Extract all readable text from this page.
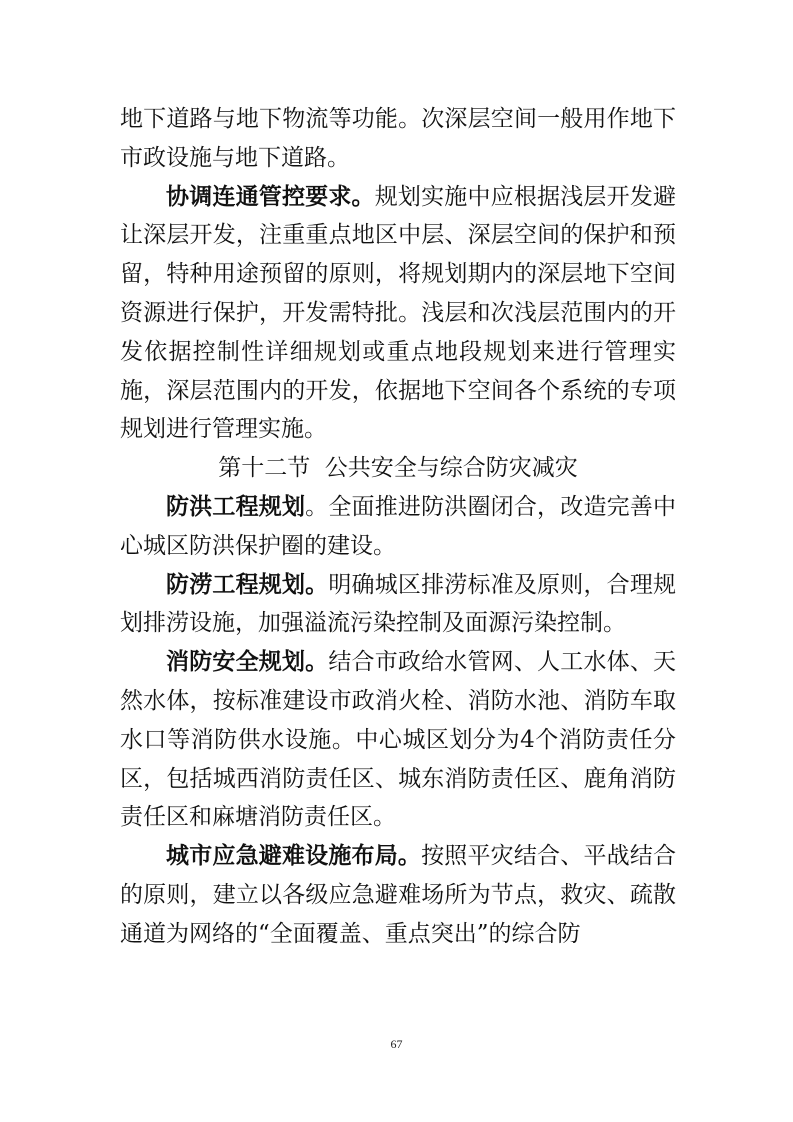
地下道路与地下物流等功能。次深层空间一般用作地下市政设施与地下道路。

协调连通管控要求。规划实施中应根据浅层开发避让深层开发，注重重点地区中层、深层空间的保护和预留，特种用途预留的原则，将规划期内的深层地下空间资源进行保护，开发需特批。浅层和次浅层范围内的开发依据控制性详细规划或重点地段规划来进行管理实施，深层范围内的开发，依据地下空间各个系统的专项规划进行管理实施。

第十二节  公共安全与综合防灾减灾

防洪工程规划。全面推进防洪圈闭合，改造完善中心城区防洪保护圈的建设。

防涝工程规划。明确城区排涝标准及原则，合理规划排涝设施，加强溢流污染控制及面源污染控制。

消防安全规划。结合市政给水管网、人工水体、天然水体，按标准建设市政消火栓、消防水池、消防车取水口等消防供水设施。中心城区划分为4个消防责任分区，包括城西消防责任区、城东消防责任区、鹿角消防责任区和麻塘消防责任区。

城市应急避难设施布局。按照平灾结合、平战结合的原则，建立以各级应急避难场所为节点，救灾、疏散通道为网络的“全面覆盖、重点突出”的综合防

67
